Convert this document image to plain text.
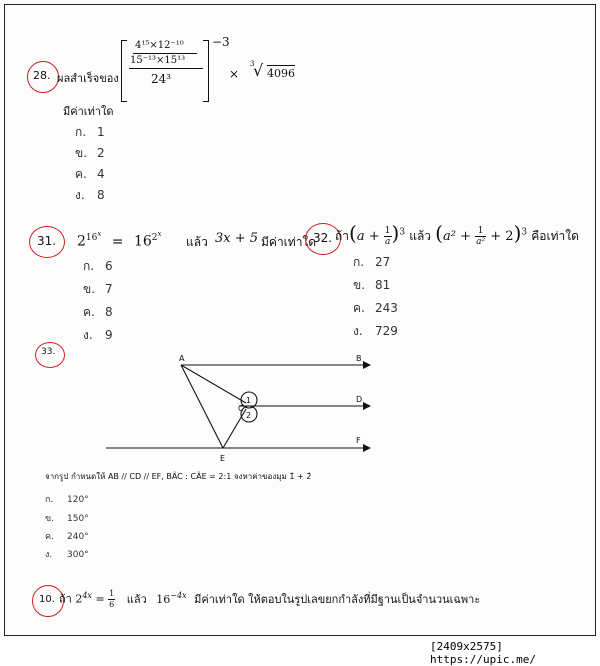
28. ผลสำเร็จของ
4¹⁵×12⁻¹⁰
15⁻¹³×15¹³
24³
−3
×
3
√ 4096
มีค่าเท่าใด
ก. 1
ข. 2
ค. 4
ง. 8
31. $2^{16^x} = 16^{2^x}$
แล้ว 3x + 5 มีค่าเท่าใด
ก. 6
ข. 7
ค. 8
ง. 9
32. ถ้า$(a + \frac{1}{a} )^3$ แล้ว $(a^2 + \frac{1}{\text{a²}} + 2)^3$ คือเท่าใด
ก. 27
ข. 81
ค. 243
ง. 729
33.
A	B
C
D
E
F
1
2
จากรูป กำหนดให้ AB // CD // EF, BÂC : CÂE = 2:1 จงหาค่าของมุม 1̂ + 2̂
ก. 120°
ข. 150°
ค. 240°
ง. 300°
10. ถ้า $2^{4x} = \frac{1}{6}$ แล้ว $16^{-4x}$ มีค่าเท่าใด ให้ตอบในรูปเลขยกกำลังที่มีฐานเป็นจำนวนเฉพาะ
[2409x2575] https://upic.me/
